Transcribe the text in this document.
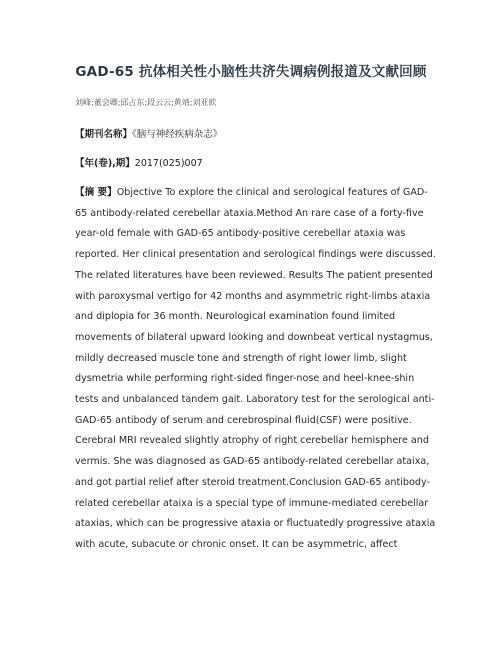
GAD-65 抗体相关性小脑性共济失调病例报道及文献回顾

刘峰;董会卿;邱占东;段云云;黄靖;刘亚欧

【期刊名称】《脑与神经疾病杂志》

【年(卷),期】2017(025)007

【摘 要】Objective To explore the clinical and serological features of GAD-
65 antibody-related cerebellar ataxia.Method An rare case of a forty-five
year-old female with GAD-65 antibody-positive cerebellar ataxia was
reported. Her clinical presentation and serological findings were discussed.
The related literatures have been reviewed. Results The patient presented
with paroxysmal vertigo for 42 months and asymmetric right-limbs ataxia
and diplopia for 36 month. Neurological examination found limited
movements of bilateral upward looking and downbeat vertical nystagmus,
mildly decreased muscle tone and strength of right lower limb, slight
dysmetria while performing right-sided finger-nose and heel-knee-shin
tests and unbalanced tandem gait. Laboratory test for the serological anti-
GAD-65 antibody of serum and cerebrospinal fluid(CSF) were positive.
Cerebral MRI revealed slightly atrophy of right cerebellar hemisphere and
vermis. She was diagnosed as GAD-65 antibody-related cerebellar ataixa,
and got partial relief after steroid treatment.Conclusion GAD-65 antibody-
related cerebellar ataixa is a special type of immune-mediated cerebellar
ataxias, which can be progressive ataxia or fluctuatedly progressive ataxia
with acute, subacute or chronic onset. It can be asymmetric, affect
